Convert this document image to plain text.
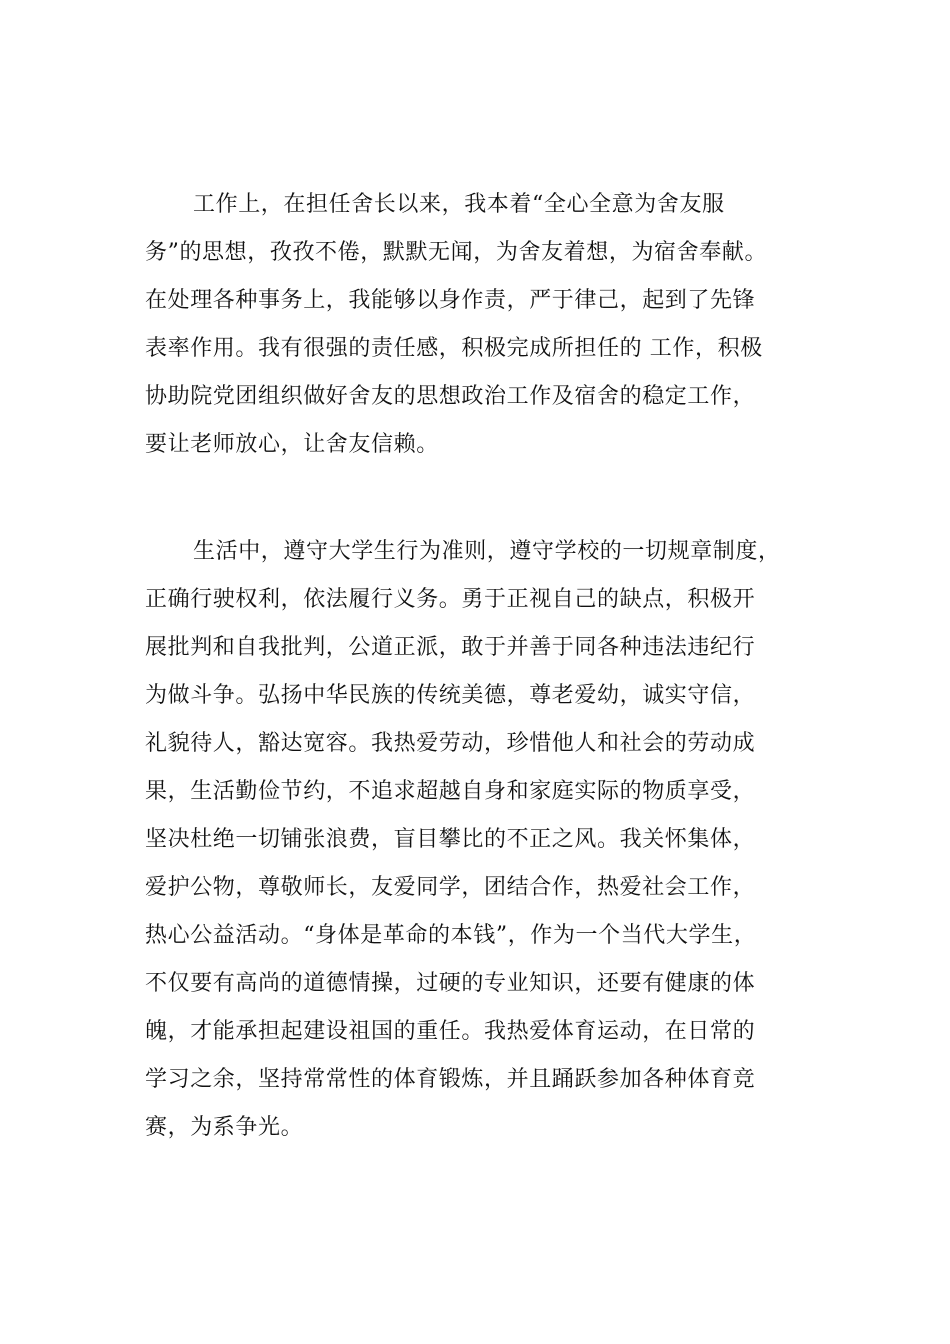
工作上，在担任舍长以来，我本着“全心全意为舍友服
务”的思想，孜孜不倦，默默无闻，为舍友着想，为宿舍奉献。
在处理各种事务上，我能够以身作责，严于律己，起到了先锋
表率作用。我有很强的责任感，积极完成所担任的 工作，积极
协助院党团组织做好舍友的思想政治工作及宿舍的稳定工作，
要让老师放心，让舍友信赖。
生活中，遵守大学生行为准则，遵守学校的一切规章制度，
正确行驶权利，依法履行义务。勇于正视自己的缺点，积极开
展批判和自我批判，公道正派，敢于并善于同各种违法违纪行
为做斗争。弘扬中华民族的传统美德，尊老爱幼，诚实守信，
礼貌待人，豁达宽容。我热爱劳动，珍惜他人和社会的劳动成
果，生活勤俭节约，不追求超越自身和家庭实际的物质享受，
坚决杜绝一切铺张浪费，盲目攀比的不正之风。我关怀集体，
爱护公物，尊敬师长，友爱同学，团结合作，热爱社会工作，
热心公益活动。“身体是革命的本钱”，作为一个当代大学生，
不仅要有高尚的道德情操，过硬的专业知识，还要有健康的体
魄，才能承担起建设祖国的重任。我热爱体育运动，在日常的
学习之余，坚持常常性的体育锻炼，并且踊跃参加各种体育竞
赛，为系争光。
